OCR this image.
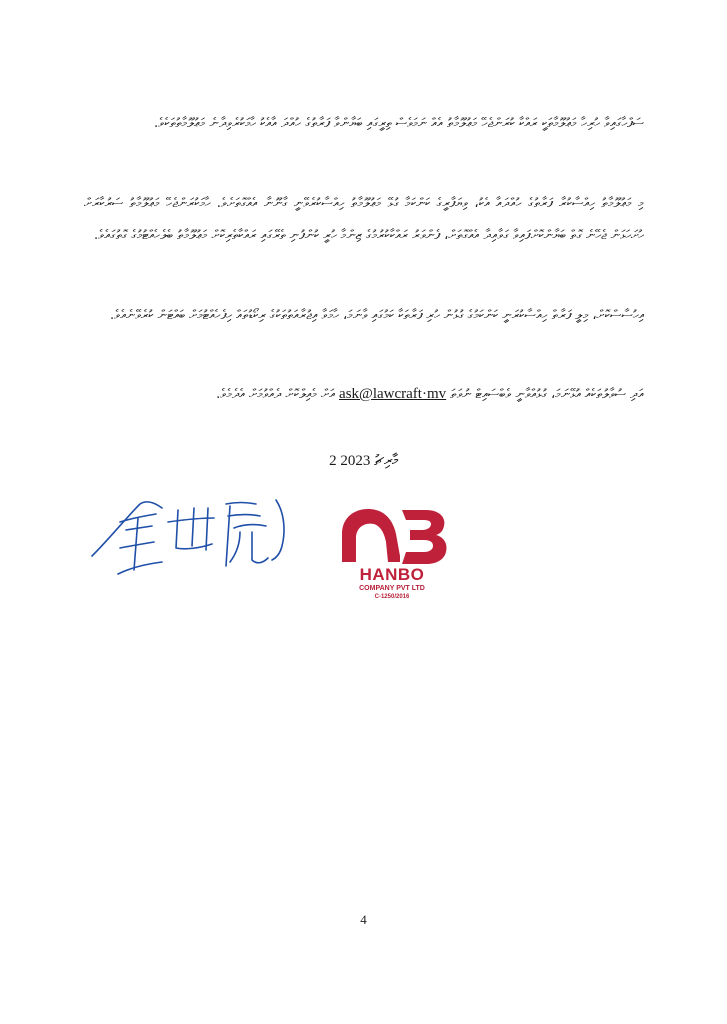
ސަފްހާގައިވާ ހުރިހާ މަޢުލޫމާތަކީ ރައްކާ ކުރަންޖެހޭ މަޢުލޫމާތު އެއް ނަމަވެސް ތިރީގައި ބަޔާންވާ ފަރާތުގެ ހުއްދަ އާއެކު ހާމަކުރެވިދާނެ މަޢުލޫމާތުތަކެވެ.
މި މަޢުލޫމާތު ހިއްސާކުރާ ފަރާތުގެ ހުއްދައާ އެކު، ވިޔަފާރީގެ ކަންކަމާ ގުޅޭ މަޢުލޫމާތު ހިއްސާކުރެވޭނީ ގާނޫނާ އެއްގޮތަށެވެ. ހާމަކުރަންޖެހޭ މަޢުލޫމާތު ސަރުކާރަށް ހުށަހަޅަން ޖެހޭނެ ގޮތް ބަޔާންކޮށްފައިވާ ގަވާއިދާ އެއްގޮތަށް، ފެންވަރު ރައްކާކުރުމުގެ ޒިންމާ ހުރީ ކުންފުނި ތެރޭގައި ރައްކާތެރިކޮށް މަޢުލޫމާތު ބެލެހެއްޓުމުގެ ގޮތުގައެވެ.
އިހުސާސްކޮށް، މިލީ ފަރާތް ހިއްސާކުރަނީ ކަންކަމުގެ ގުޅުން ހުރި ފަރާތަކާ ކަމުގައި ވާނަމަ، ހާމަވާ އިޖުރާއަތުތަކުގެ ރިކޯޑުތައް ހިފެހެއްޓުމަށް ބައްޓަން ކުރެވޭނެއެވެ.
އަދި ސުވާލުތަކެއް އުޅޭނަމަ، ގުޅުއްވާނީ ވެބްސައިޓް ނުވަތަ ask@lawcraft·mv އަށް މެއިލްކޮށް ދެއްވުމަށް އެދެމެވެ.
2 މާރިޗު 2023
HANBO
COMPANY PVT LTD
C-1250/2016
4
